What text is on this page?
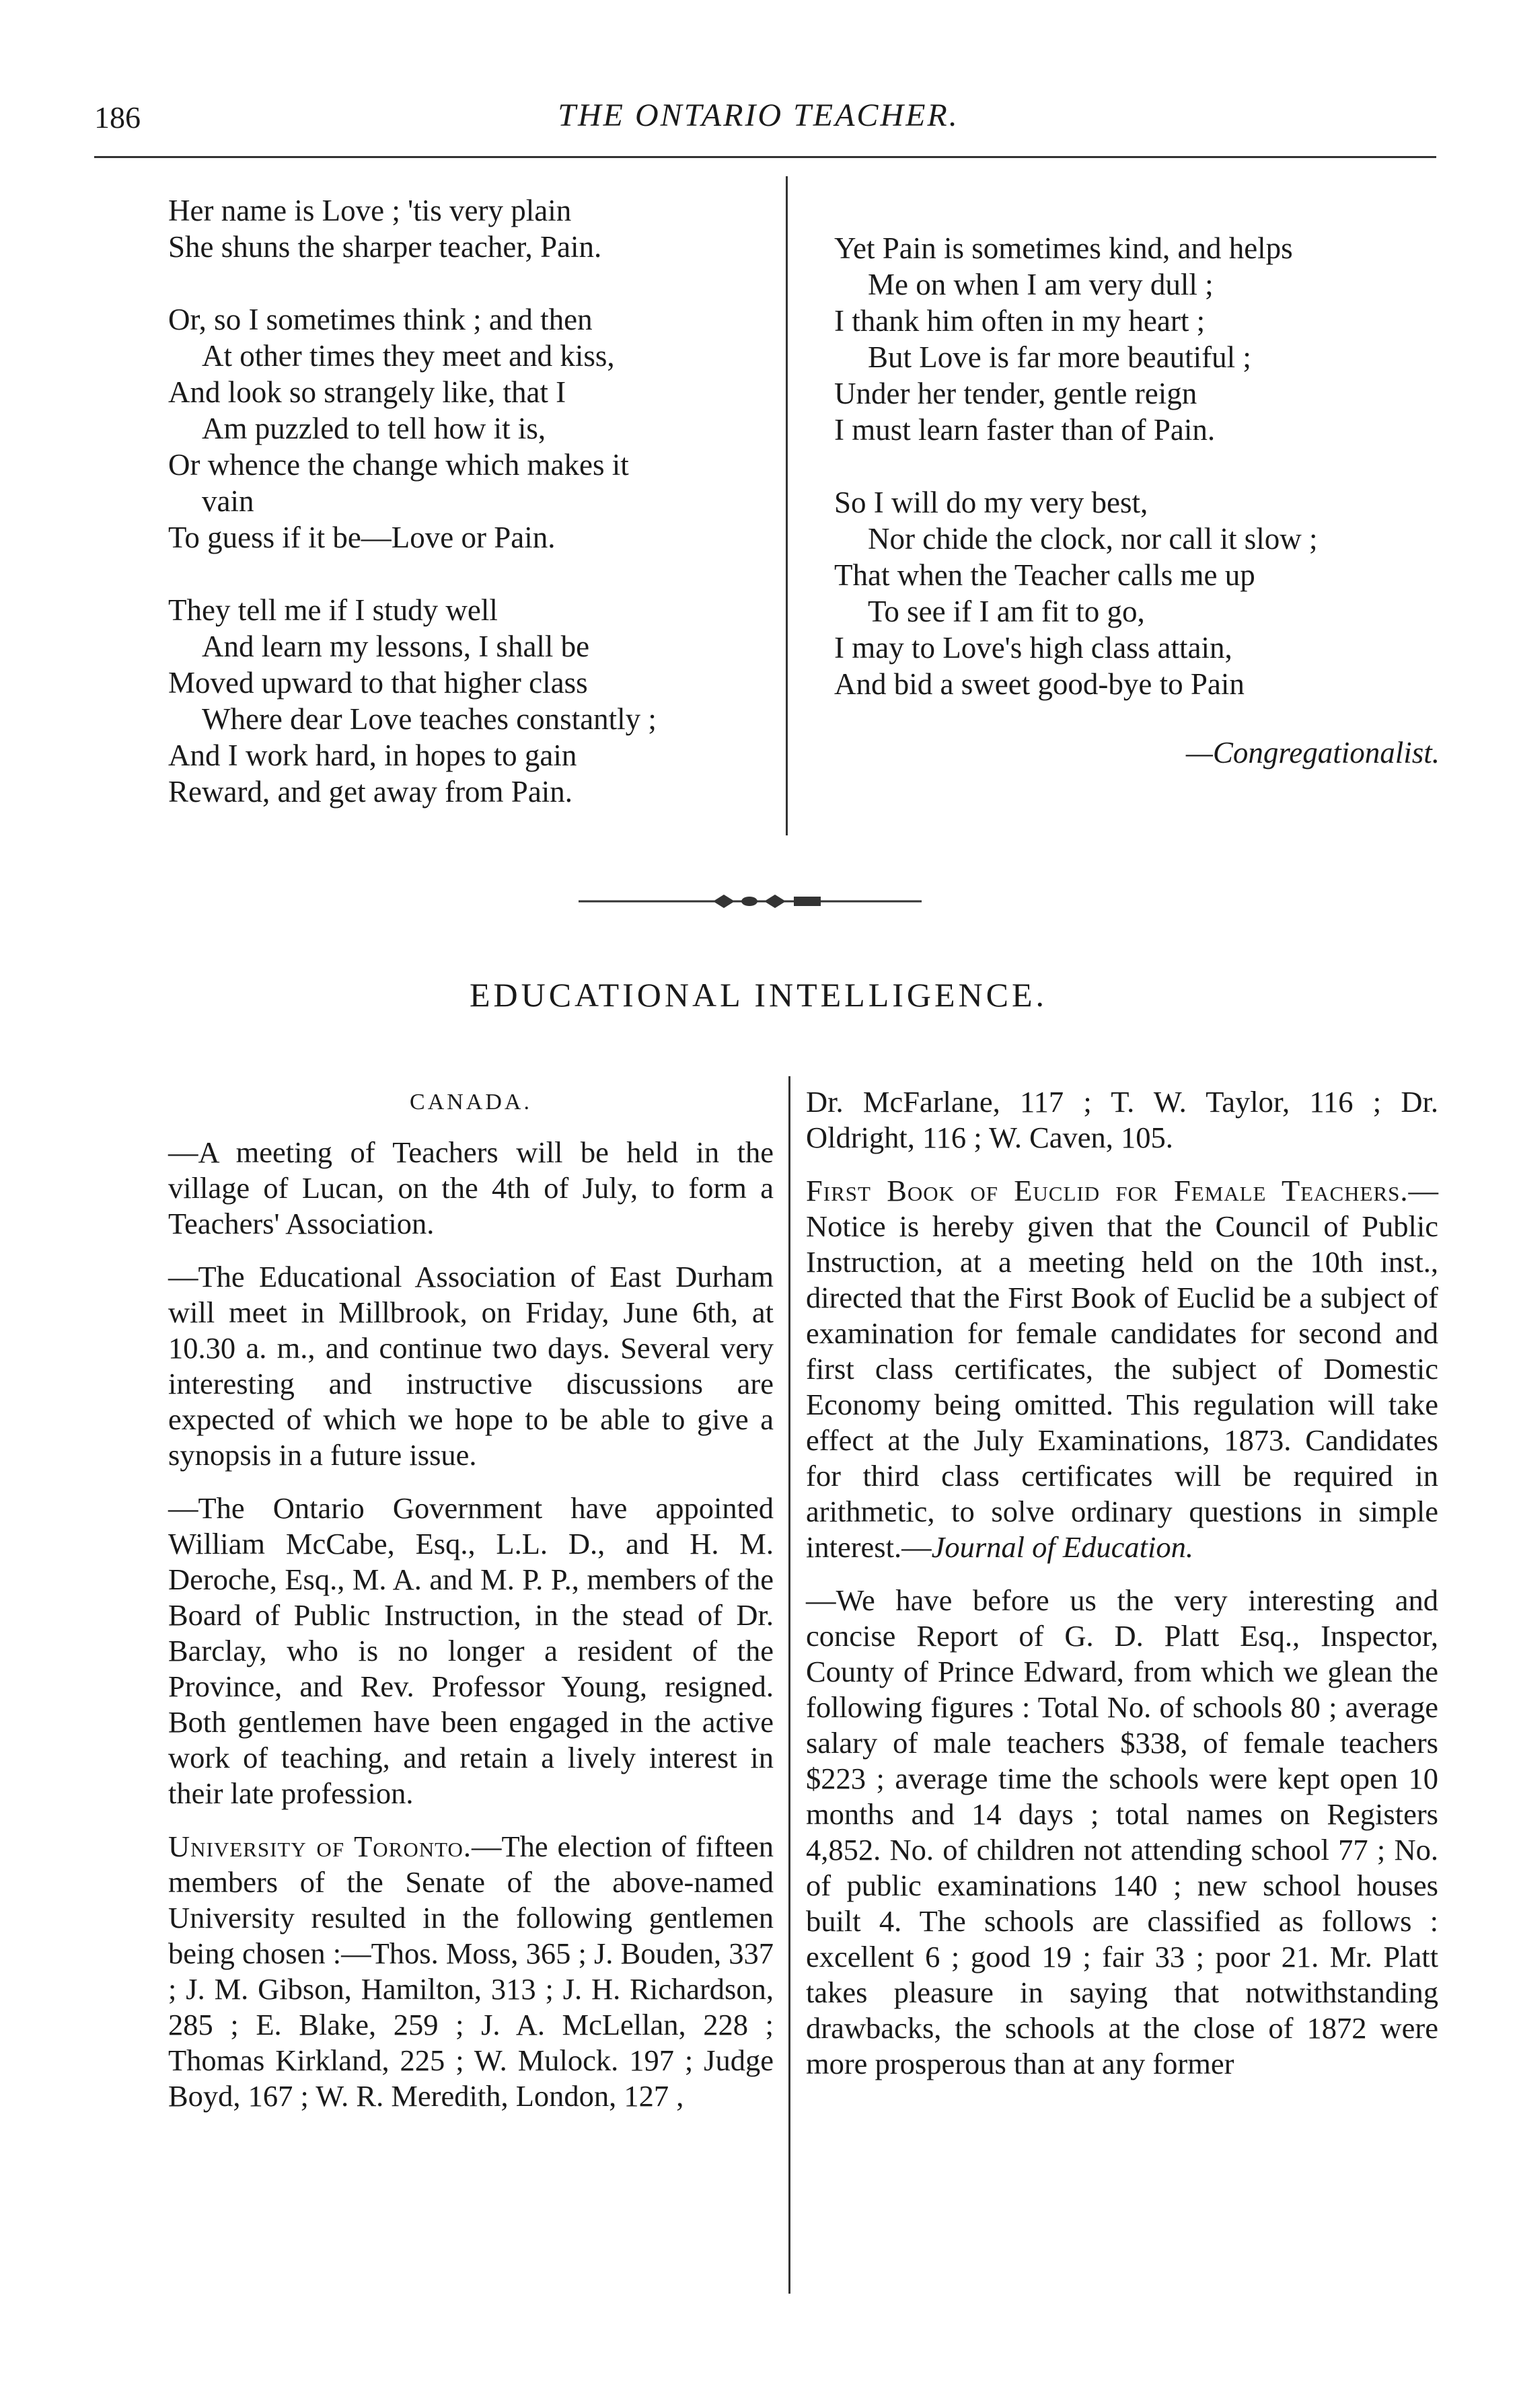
186	THE ONTARIO TEACHER.
Her name is Love ; 'tis very plain
She shuns the sharper teacher, Pain.
Or, so I sometimes think ; and then
At other times they meet and kiss,
And look so strangely like, that I
Am puzzled to tell how it is,
Or whence the change which makes it
vain
To guess if it be—Love or Pain.
They tell me if I study well
And learn my lessons, I shall be
Moved upward to that higher class
Where dear Love teaches constantly ;
And I work hard, in hopes to gain
Reward, and get away from Pain.
Yet Pain is sometimes kind, and helps
Me on when I am very dull ;
I thank him often in my heart ;
But Love is far more beautiful ;
Under her tender, gentle reign
I must learn faster than of Pain.
So I will do my very best,
Nor chide the clock, nor call it slow ;
That when the Teacher calls me up
To see if I am fit to go,
I may to Love's high class attain,
And bid a sweet good-bye to Pain
—Congregationalist.
EDUCATIONAL INTELLIGENCE.
CANADA.

—A meeting of Teachers will be held in the village of Lucan, on the 4th of July, to form a Teachers' Association.

—The Educational Association of East Durham will meet in Millbrook, on Friday, June 6th, at 10.30 a. m., and continue two days. Several very interesting and instructive discussions are expected of which we hope to be able to give a synopsis in a future issue.

—The Ontario Government have appointed William McCabe, Esq., L.L. D., and H. M. Deroche, Esq., M. A. and M. P. P., members of the Board of Public Instruction, in the stead of Dr. Barclay, who is no longer a resident of the Province, and Rev. Professor Young, resigned. Both gentlemen have been engaged in the active work of teaching, and retain a lively interest in their late profession.

University of Toronto.—The election of fifteen members of the Senate of the above-named University resulted in the following gentlemen being chosen :—Thos. Moss, 365 ; J. Bouden, 337 ; J. M. Gibson, Hamilton, 313 ; J. H. Richardson, 285 ; E. Blake, 259 ; J. A. McLellan, 228 ; Thomas Kirkland, 225 ; W. Mulock. 197 ; Judge Boyd, 167 ; W. R. Meredith, London, 127 ,

Dr. McFarlane, 117 ; T. W. Taylor, 116 ; Dr. Oldright, 116 ; W. Caven, 105.

First Book of Euclid for Female Teachers.—Notice is hereby given that the Council of Public Instruction, at a meeting held on the 10th inst., directed that the First Book of Euclid be a subject of examination for female candidates for second and first class certificates, the subject of Domestic Economy being omitted. This regulation will take effect at the July Examinations, 1873. Candidates for third class certificates will be required in arithmetic, to solve ordinary questions in simple interest.—Journal of Education.

—We have before us the very interesting and concise Report of G. D. Platt Esq., Inspector, County of Prince Edward, from which we glean the following figures : Total No. of schools 80 ; average salary of male teachers $338, of female teachers $223 ; average time the schools were kept open 10 months and 14 days ; total names on Registers 4,852. No. of children not attending school 77 ; No. of public examinations 140 ; new school houses built 4. The schools are classified as follows : excellent 6 ; good 19 ; fair 33 ; poor 21. Mr. Platt takes pleasure in saying that notwithstanding drawbacks, the schools at the close of 1872 were more prosperous than at any former
